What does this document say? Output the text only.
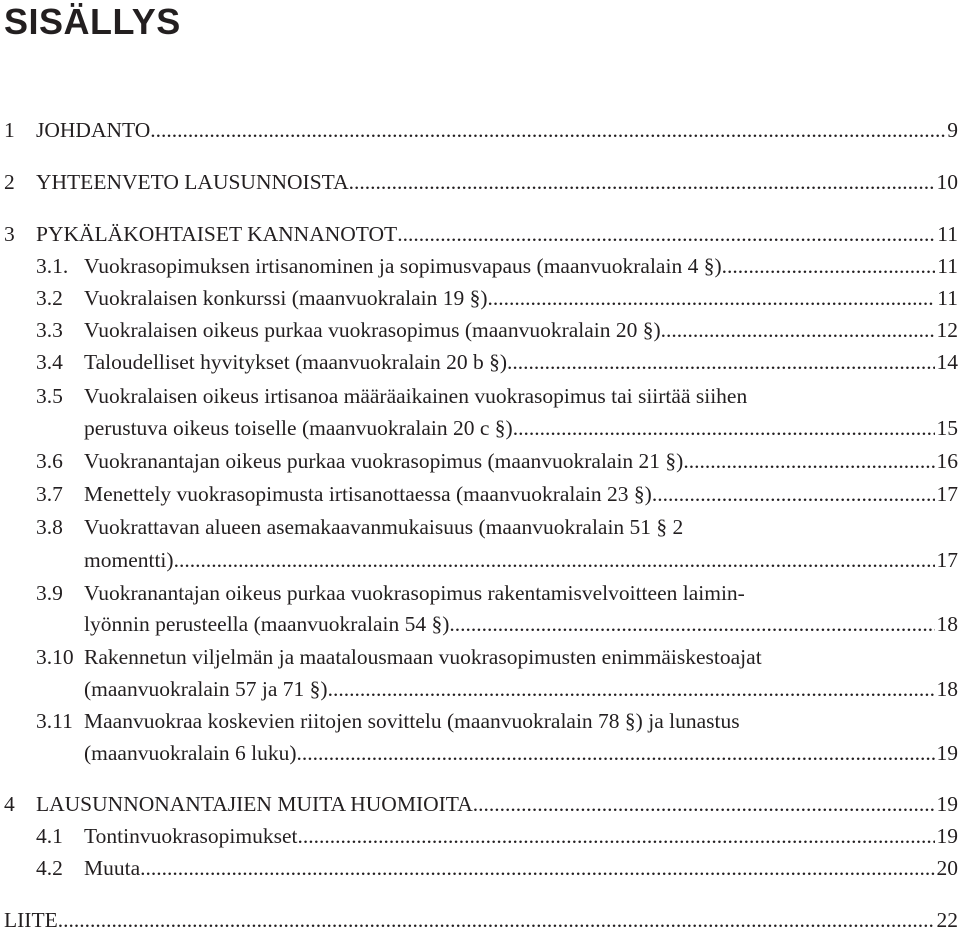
SISÄLLYS
1 JOHDANTO .....	9
2 YHTEENVETO LAUSUNNOISTA .....	10
3 PYKÄLÄKOHTAISET KANNANOTOT .....	11
3.1. Vuokrasopimuksen irtisanominen ja sopimusvapaus (maanvuokralain 4 §) .....	11
3.2 Vuokralaisen konkurssi (maanvuokralain 19 §) .....	11
3.3 Vuokralaisen oikeus purkaa vuokrasopimus (maanvuokralain 20 §) .....	12
3.4 Taloudelliset hyvitykset (maanvuokralain 20 b §) .....	14
3.5 Vuokralaisen oikeus irtisanoa määräaikainen vuokrasopimus tai siirtää siihen
perustuva oikeus toiselle (maanvuokralain 20 c §) .....	15
3.6 Vuokranantajan oikeus purkaa vuokrasopimus (maanvuokralain 21 §) .....	16
3.7 Menettely vuokrasopimusta irtisanottaessa (maanvuokralain 23 §) .....	17
3.8 Vuokrattavan alueen asemakaavanmukaisuus (maanvuokralain 51 § 2
momentti) .....	17
3.9 Vuokranantajan oikeus purkaa vuokrasopimus rakentamisvelvoitteen laimin-
lyönnin perusteella (maanvuokralain 54 §) .....	18
3.10 Rakennetun viljelmän ja maatalousmaan vuokrasopimusten enimmäiskestoajat
(maanvuokralain 57 ja 71 §) .....	18
3.11 Maanvuokraa koskevien riitojen sovittelu (maanvuokralain 78 §) ja lunastus
(maanvuokralain 6 luku) .....	19
4 LAUSUNNONANTAJIEN MUITA HUOMIOITA .....	19
4.1 Tontinvuokrasopimukset .....	19
4.2 Muuta .....	20
LIITE .....	22
